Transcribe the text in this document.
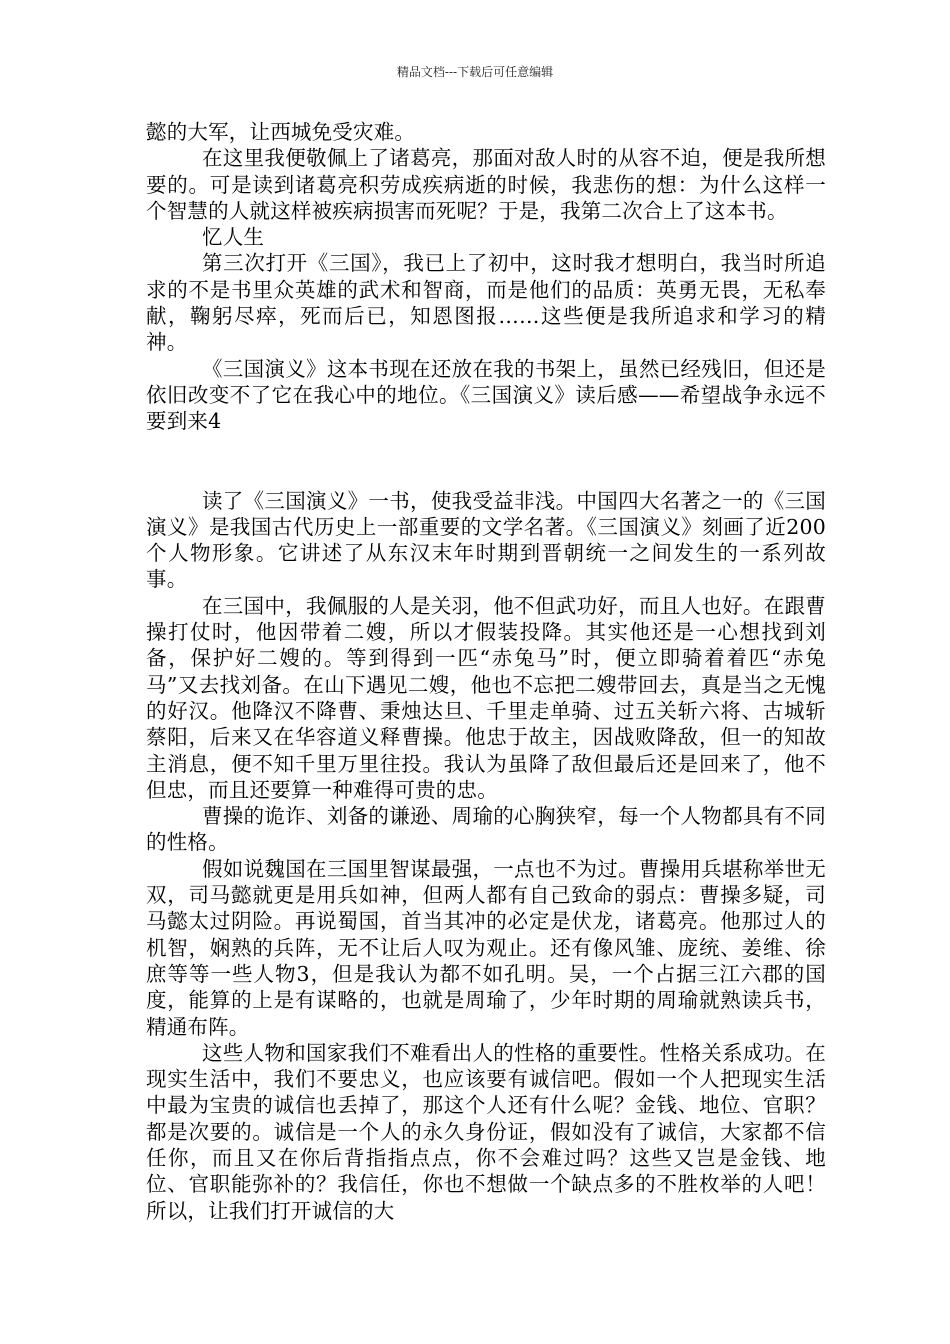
精品文档---下载后可任意编辑

懿的大军，让西城免受灾难。

在这里我便敬佩上了诸葛亮，那面对敌人时的从容不迫，便是我所想要的。可是读到诸葛亮积劳成疾病逝的时候，我悲伤的想：为什么这样一个智慧的人就这样被疾病损害而死呢？于是，我第二次合上了这本书。

忆人生

第三次打开《三国》，我已上了初中，这时我才想明白，我当时所追求的不是书里众英雄的武术和智商，而是他们的品质：英勇无畏，无私奉献，鞠躬尽瘁，死而后已，知恩图报……这些便是我所追求和学习的精神。

《三国演义》这本书现在还放在我的书架上，虽然已经残旧，但还是依旧改变不了它在我心中的地位。《三国演义》读后感——希望战争永远不要到来4

读了《三国演义》一书，使我受益非浅。中国四大名著之一的《三国演义》是我国古代历史上一部重要的文学名著。《三国演义》刻画了近200个人物形象。它讲述了从东汉末年时期到晋朝统一之间发生的一系列故事。

在三国中，我佩服的人是关羽，他不但武功好，而且人也好。在跟曹操打仗时，他因带着二嫂，所以才假装投降。其实他还是一心想找到刘备，保护好二嫂的。等到得到一匹“赤兔马”时，便立即骑着着匹“赤兔马”又去找刘备。在山下遇见二嫂，他也不忘把二嫂带回去，真是当之无愧的好汉。他降汉不降曹、秉烛达旦、千里走单骑、过五关斩六将、古城斩蔡阳，后来又在华容道义释曹操。他忠于故主，因战败降敌，但一的知故主消息，便不知千里万里往投。我认为虽降了敌但最后还是回来了，他不但忠，而且还要算一种难得可贵的忠。

曹操的诡诈、刘备的谦逊、周瑜的心胸狭窄，每一个人物都具有不同的性格。

假如说魏国在三国里智谋最强，一点也不为过。曹操用兵堪称举世无双，司马懿就更是用兵如神，但两人都有自己致命的弱点：曹操多疑，司马懿太过阴险。再说蜀国，首当其冲的必定是伏龙，诸葛亮。他那过人的机智，娴熟的兵阵，无不让后人叹为观止。还有像风雏、庞统、姜维、徐庶等等一些人物3，但是我认为都不如孔明。吴，一个占据三江六郡的国度，能算的上是有谋略的，也就是周瑜了，少年时期的周瑜就熟读兵书，精通布阵。

这些人物和国家我们不难看出人的性格的重要性。性格关系成功。在现实生活中，我们不要忠义，也应该要有诚信吧。假如一个人把现实生活中最为宝贵的诚信也丢掉了，那这个人还有什么呢？金钱、地位、官职？都是次要的。诚信是一个人的永久身份证，假如没有了诚信，大家都不信任你，而且又在你后背指指点点，你不会难过吗？这些又岂是金钱、地位、官职能弥补的？我信任，你也不想做一个缺点多的不胜枚举的人吧！所以，让我们打开诚信的大
